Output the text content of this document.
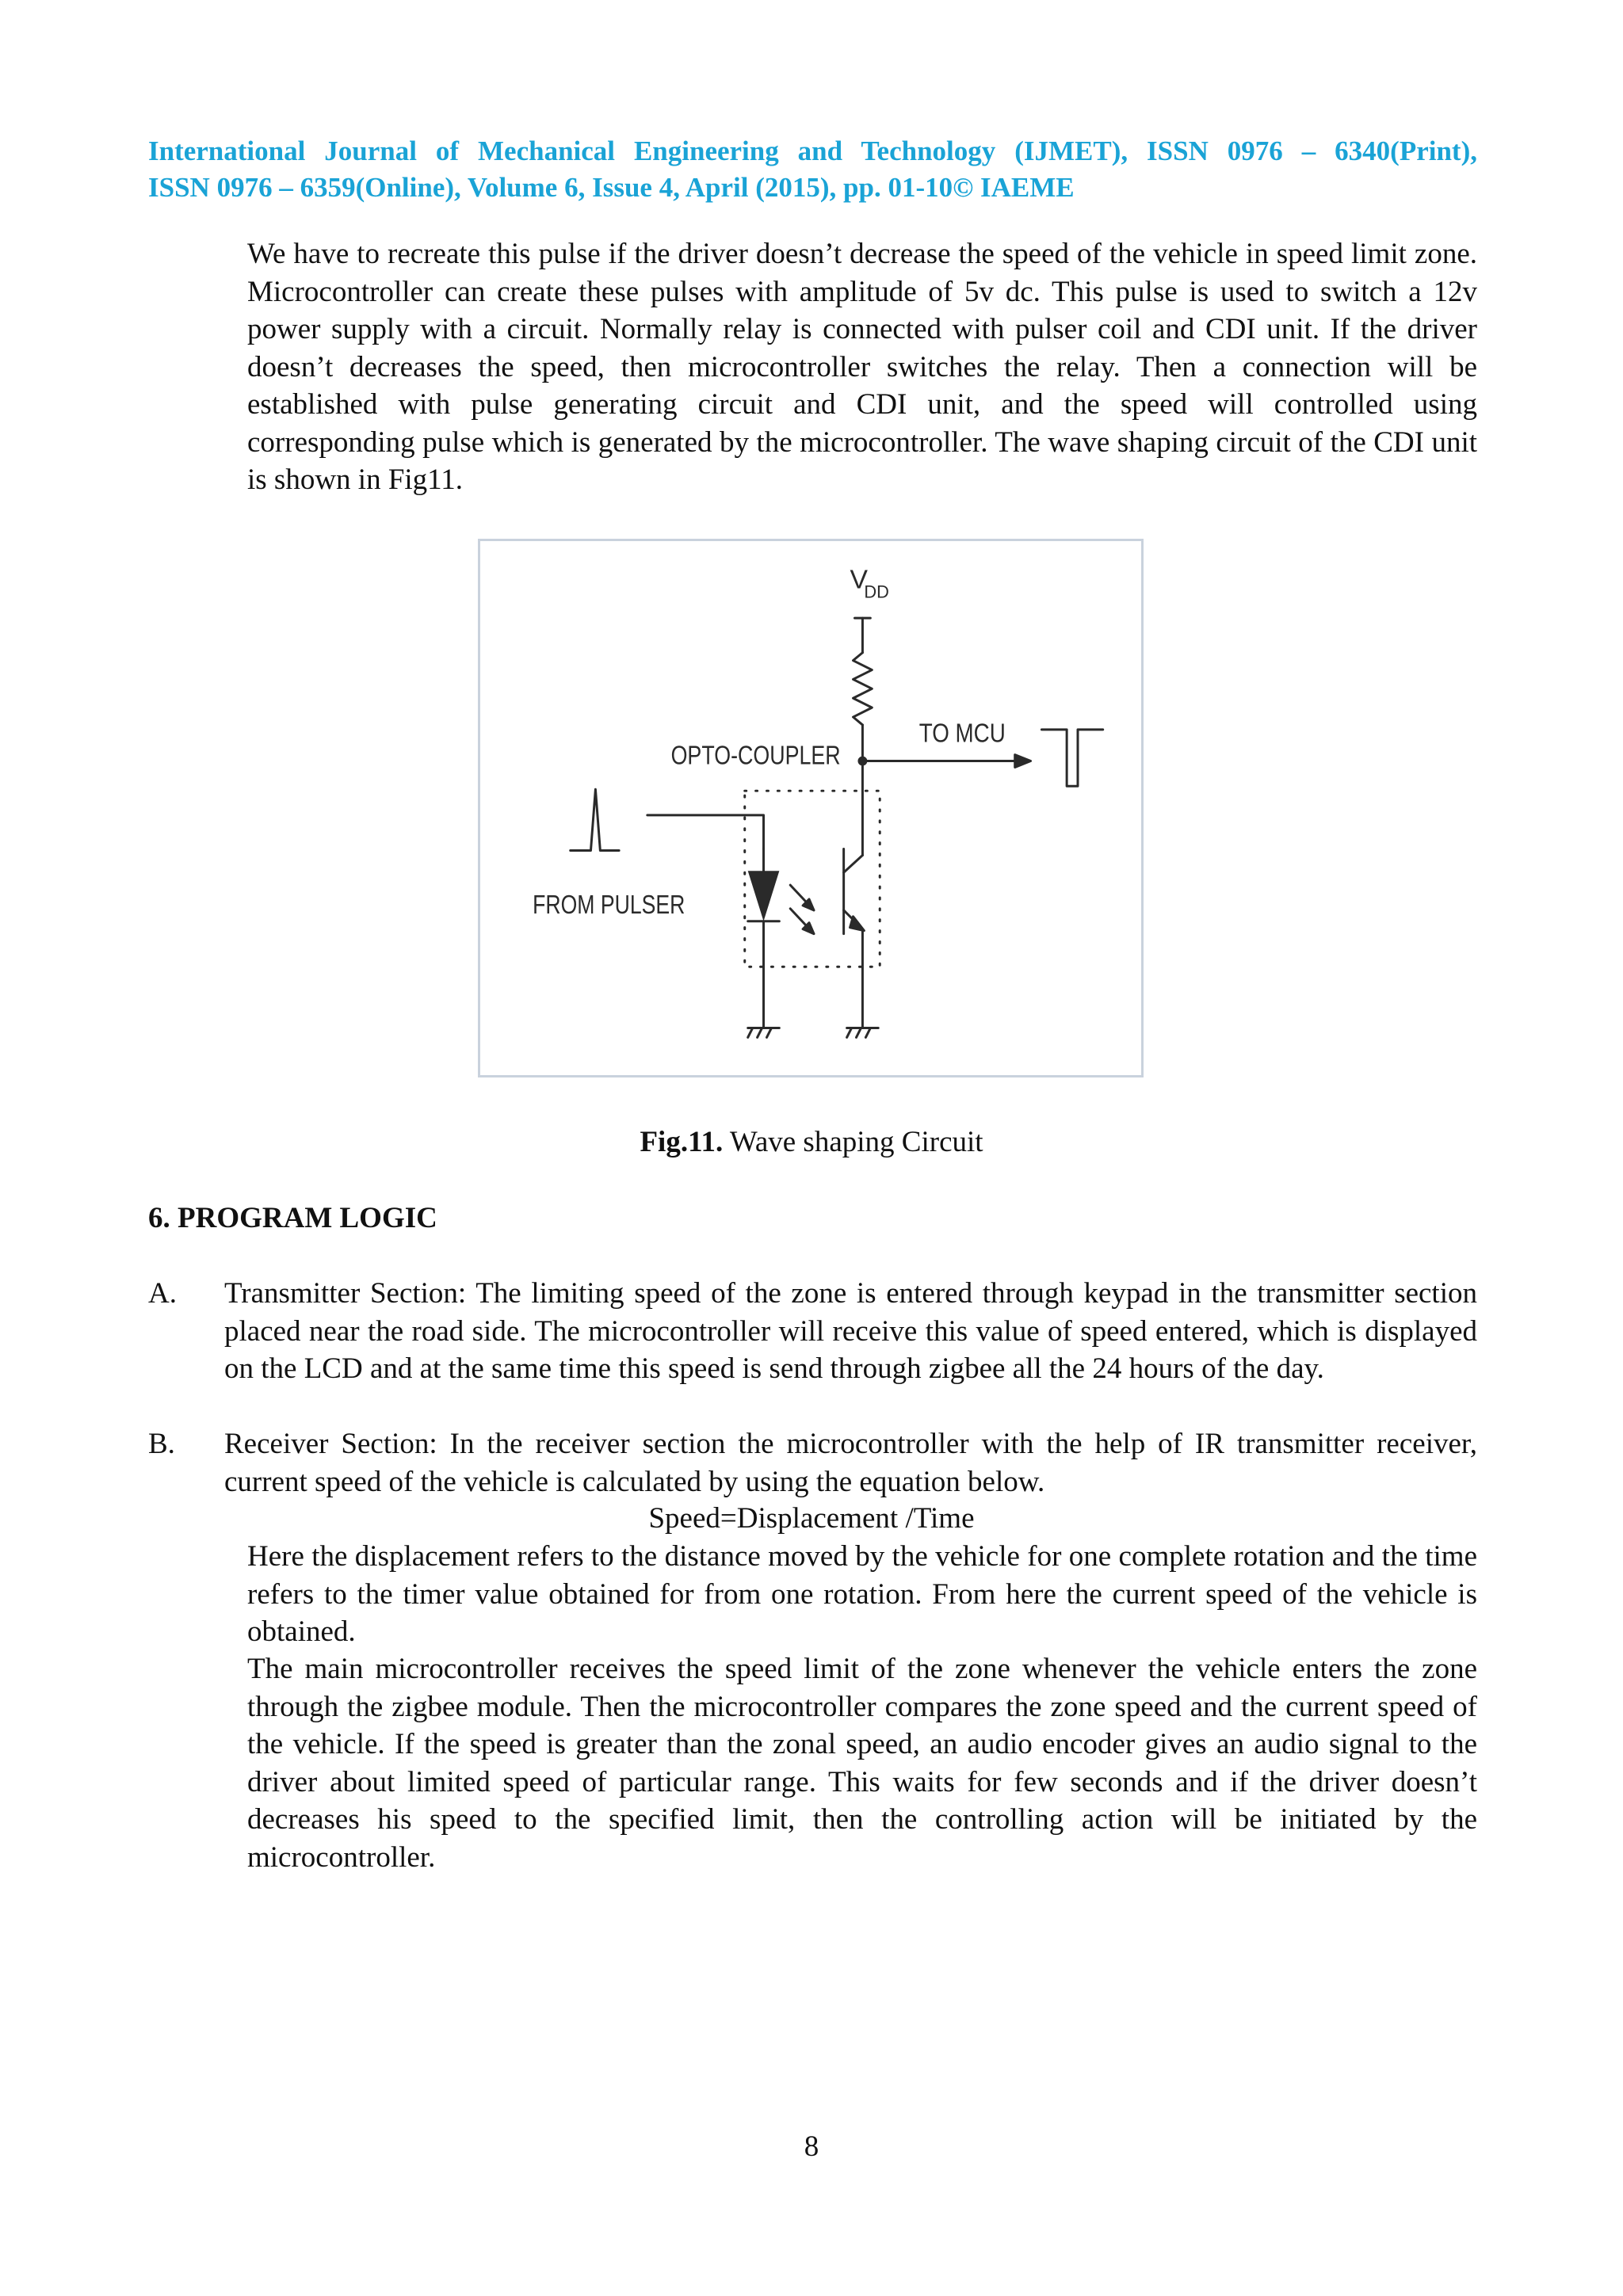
International Journal of Mechanical Engineering and Technology (IJMET), ISSN 0976 – 6340(Print),
ISSN 0976 – 6359(Online), Volume 6, Issue 4, April (2015), pp. 01-10© IAEME
We have to recreate this pulse if the driver doesn’t decrease the speed of the vehicle in speed limit zone. Microcontroller can create these pulses with amplitude of 5v dc. This pulse is used to switch a 12v power supply with a circuit. Normally relay is connected with pulser coil and CDI unit. If the driver doesn’t decreases the speed, then microcontroller switches the relay. Then a connection will be established with pulse generating circuit and CDI unit, and the speed will controlled using corresponding pulse which is generated by the microcontroller. The wave shaping circuit of the CDI unit is shown in Fig11.
V
DD
TO MCU
OPTO-COUPLER
FROM PULSER
Fig.11. Wave shaping Circuit
6. PROGRAM LOGIC
A. Transmitter Section: The limiting speed of the zone is entered through keypad in the transmitter section placed near the road side. The microcontroller will receive this value of speed entered, which is displayed on the LCD and at the same time this speed is send through zigbee all the 24 hours of the day.
B. Receiver Section: In the receiver section the microcontroller with the help of IR transmitter receiver, current speed of the vehicle is calculated by using the equation below.
Speed=Displacement /Time
Here the displacement refers to the distance moved by the vehicle for one complete rotation and the time refers to the timer value obtained for from one rotation. From here the current speed of the vehicle is obtained.
The main microcontroller receives the speed limit of the zone whenever the vehicle enters the zone through the zigbee module. Then the microcontroller compares the zone speed and the current speed of the vehicle. If the speed is greater than the zonal speed, an audio encoder gives an audio signal to the driver about limited speed of particular range. This waits for few seconds and if the driver doesn’t decreases his speed to the specified limit, then the controlling action will be initiated by the microcontroller.
8
